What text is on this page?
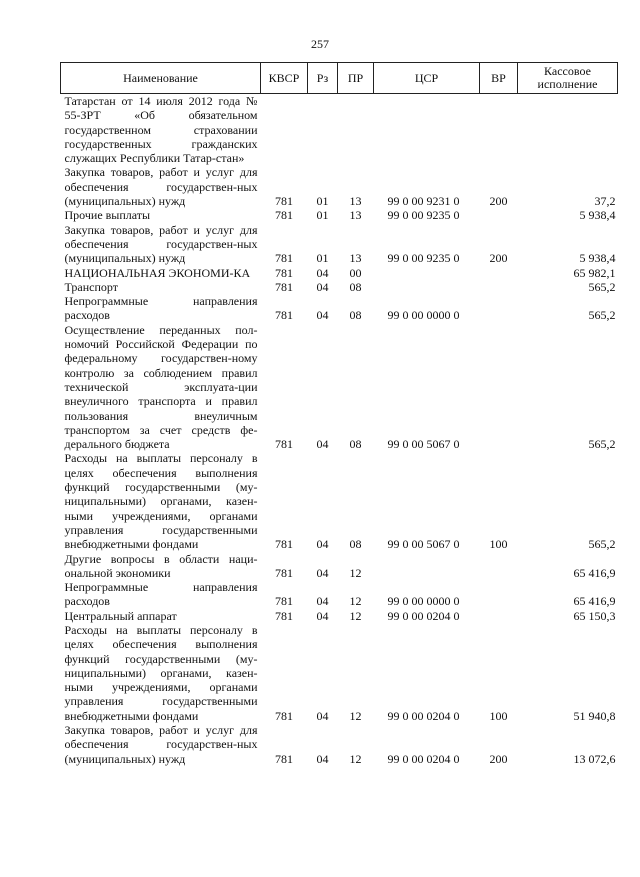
257
Наименование	КВСР	Рз	ПР	ЦСР	ВР	Кассовое исполнение
Татарстан от 14 июля 2012 года № 55-ЗРТ «Об обязательном государственном страховании государственных гражданских служащих Республики Татар-стан»						
Закупка товаров, работ и услуг для обеспечения государствен-ных (муниципальных) нужд	781	01	13	99 0 00 9231 0	200	37,2
Прочие выплаты	781	01	13	99 0 00 9235 0		5 938,4
Закупка товаров, работ и услуг для обеспечения государствен-ных (муниципальных) нужд	781	01	13	99 0 00 9235 0	200	5 938,4
НАЦИОНАЛЬНАЯ ЭКОНОМИ-КА	781	04	00			65 982,1
Транспорт	781	04	08			565,2
Непрограммные направления расходов	781	04	08	99 0 00 0000 0		565,2
Осуществление переданных пол-номочий Российской Федерации по федеральному государствен-ному контролю за соблюдением правил технической эксплуата-ции внеуличного транспорта и правил пользования внеуличным транспортом за счет средств фе-дерального бюджета	781	04	08	99 0 00 5067 0		565,2
Расходы на выплаты персоналу в целях обеспечения выполнения функций государственными (му-ниципальными) органами, казен-ными учреждениями, органами управления государственными внебюджетными фондами	781	04	08	99 0 00 5067 0	100	565,2
Другие вопросы в области наци-ональной экономики	781	04	12			65 416,9
Непрограммные направления расходов	781	04	12	99 0 00 0000 0		65 416,9
Центральный аппарат	781	04	12	99 0 00 0204 0		65 150,3
Расходы на выплаты персоналу в целях обеспечения выполнения функций государственными (му-ниципальными) органами, казен-ными учреждениями, органами управления государственными внебюджетными фондами	781	04	12	99 0 00 0204 0	100	51 940,8
Закупка товаров, работ и услуг для обеспечения государствен-ных (муниципальных) нужд	781	04	12	99 0 00 0204 0	200	13 072,6
